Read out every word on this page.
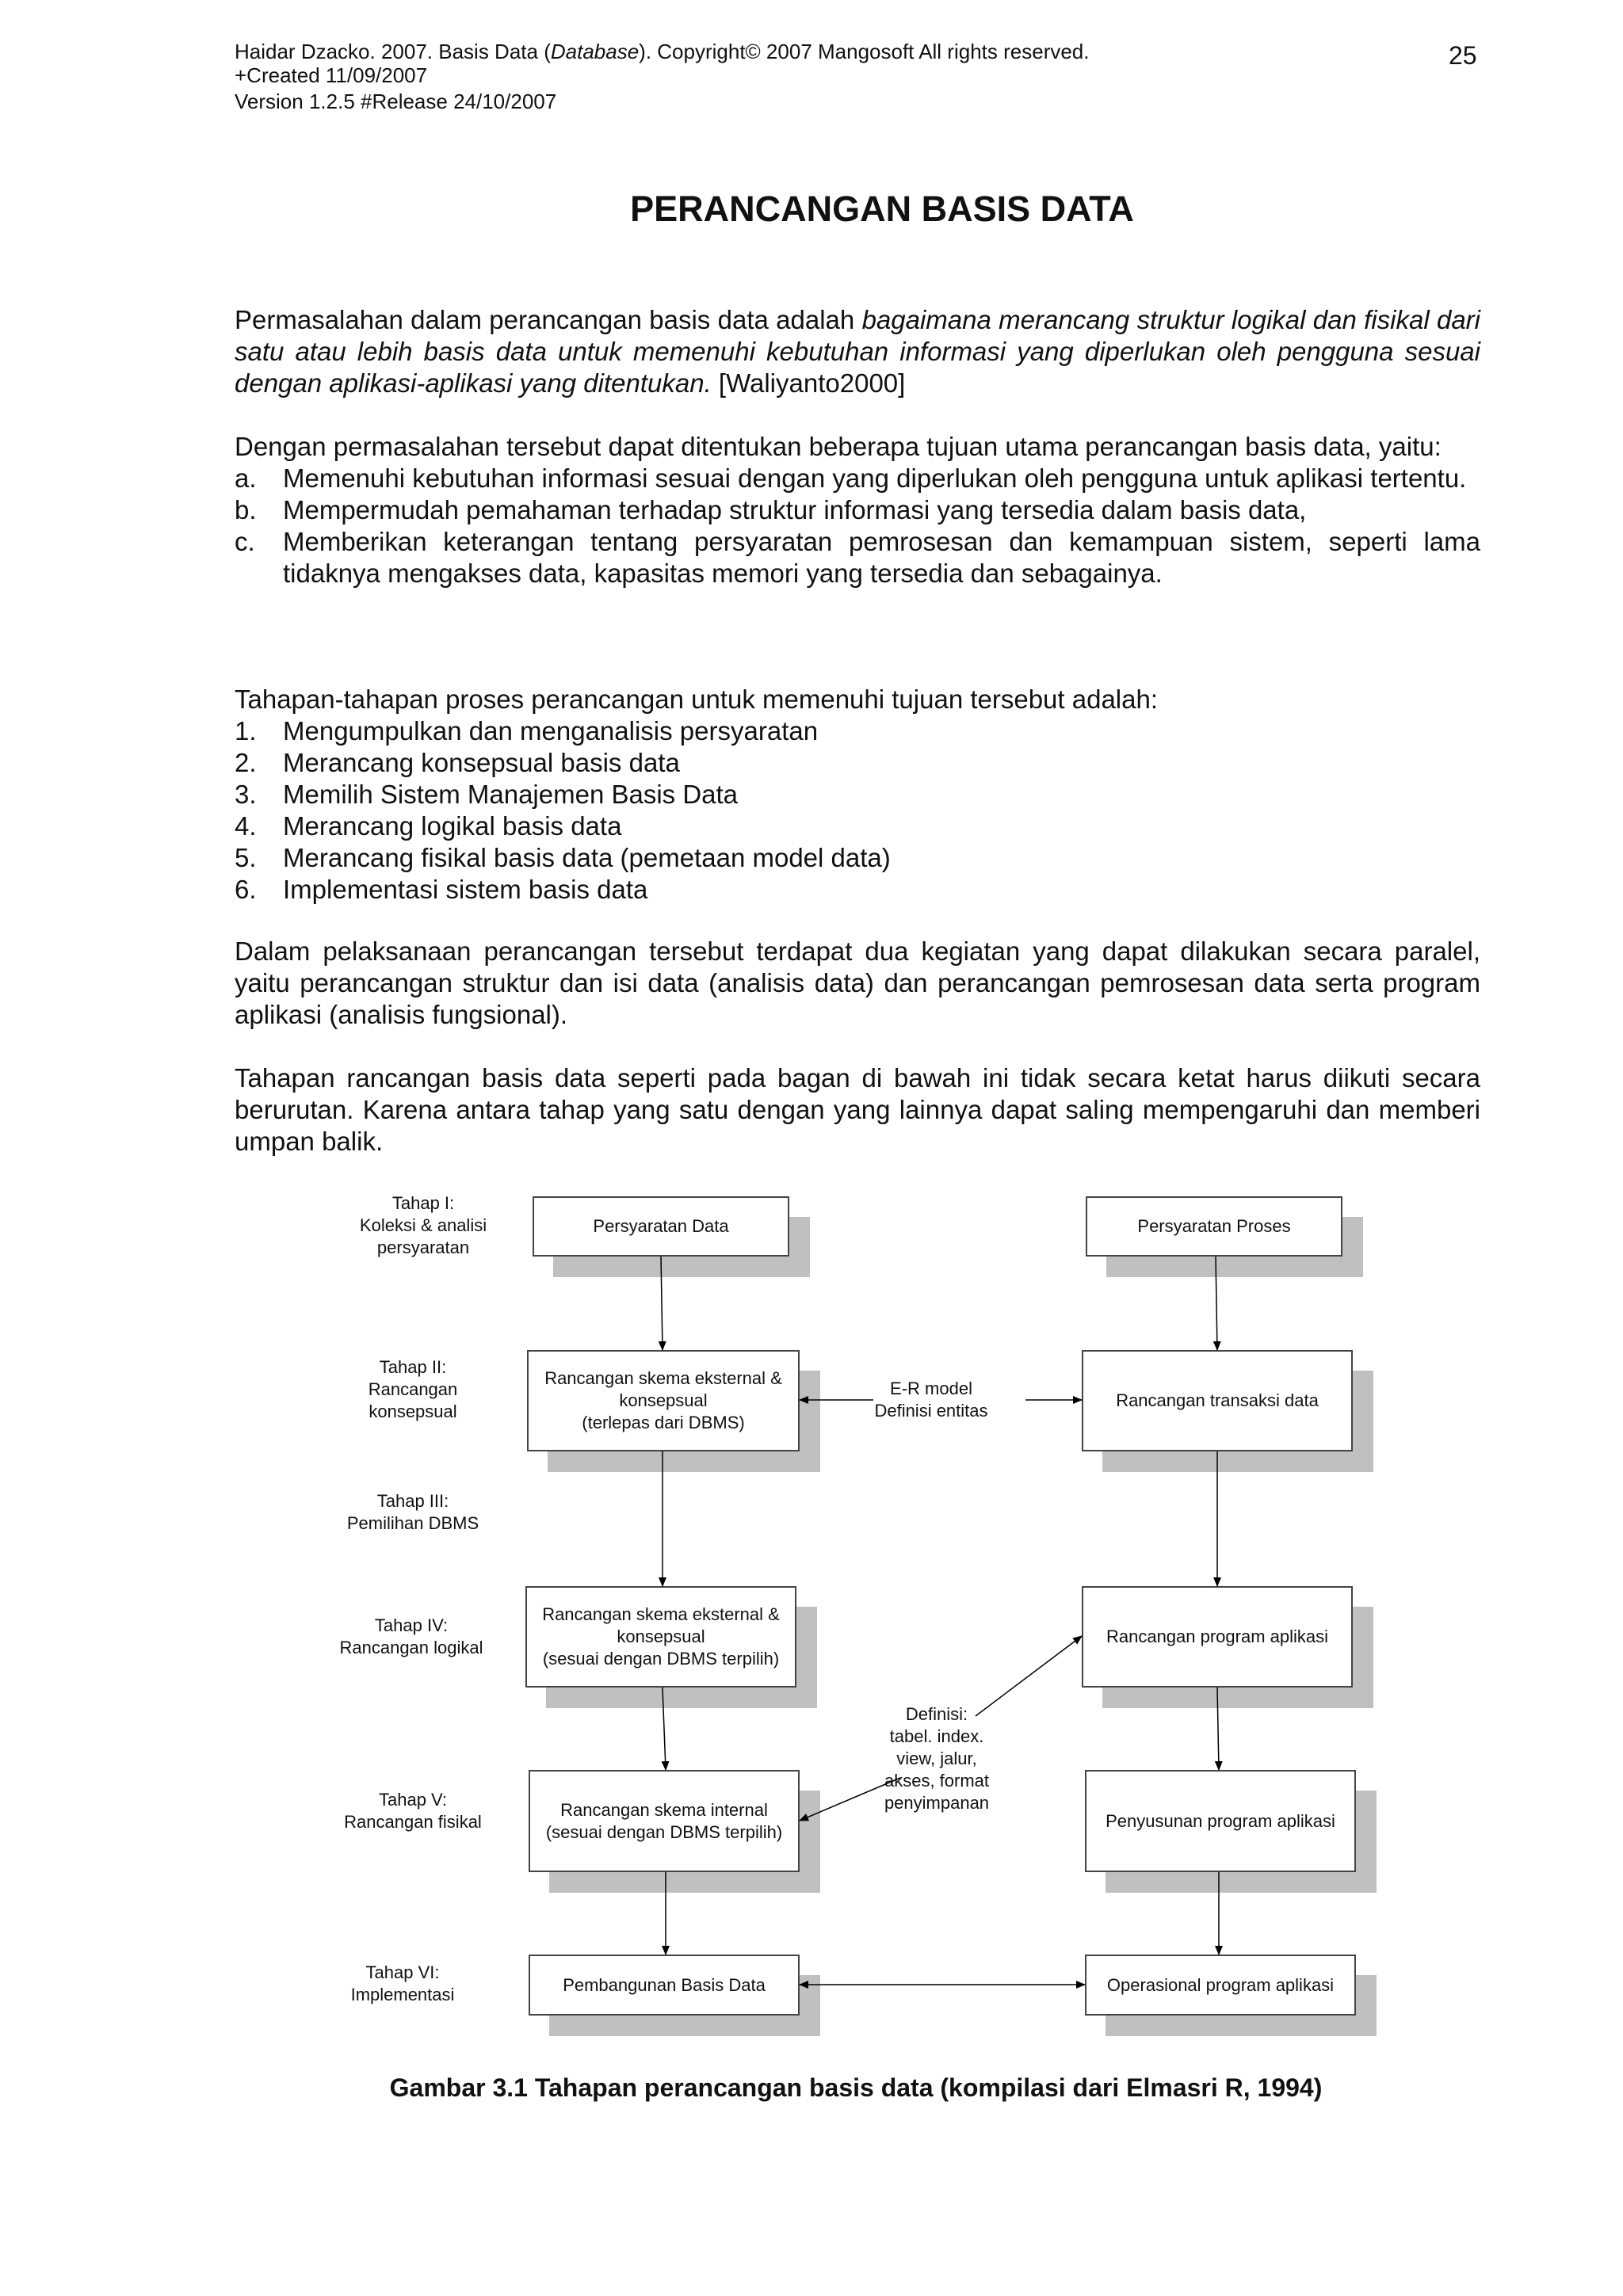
Haidar Dzacko. 2007. Basis Data (Database). Copyright© 2007 Mangosoft All rights reserved.
+Created 11/09/2007
Version 1.2.5 #Release 24/10/2007
25
PERANCANGAN BASIS DATA
Permasalahan dalam perancangan basis data adalah bagaimana merancang struktur logikal dan fisikal dari satu atau lebih basis data untuk memenuhi kebutuhan informasi yang diperlukan oleh pengguna sesuai dengan aplikasi-aplikasi yang ditentukan. [Waliyanto2000]
Dengan permasalahan tersebut dapat ditentukan beberapa tujuan utama perancangan basis data, yaitu:
a.	Memenuhi kebutuhan informasi sesuai dengan yang diperlukan oleh pengguna untuk aplikasi tertentu.
b.	Mempermudah pemahaman terhadap struktur informasi yang tersedia dalam basis data,
c.	Memberikan keterangan tentang persyaratan pemrosesan dan kemampuan sistem, seperti lama tidaknya mengakses data, kapasitas memori yang tersedia dan sebagainya.
Tahapan-tahapan proses perancangan untuk memenuhi tujuan tersebut adalah:
1.	Mengumpulkan dan menganalisis persyaratan
2.	Merancang konsepsual basis data
3.	Memilih Sistem Manajemen Basis Data
4.	Merancang logikal basis data
5.	Merancang fisikal basis data (pemetaan model data)
6.	Implementasi sistem basis data
Dalam pelaksanaan perancangan tersebut terdapat dua kegiatan yang dapat dilakukan secara paralel, yaitu perancangan struktur dan isi data (analisis data) dan perancangan pemrosesan data serta program aplikasi (analisis fungsional).
Tahapan rancangan basis data seperti pada bagan di bawah ini tidak secara ketat harus diikuti secara berurutan. Karena antara tahap yang satu dengan yang lainnya dapat saling mempengaruhi dan memberi umpan balik.
Tahap I:
Koleksi & analisi
persyaratan
Tahap II:
Rancangan
konsepsual
Tahap III:
Pemilihan DBMS
Tahap IV:
Rancangan logikal
Tahap V:
Rancangan fisikal
Tahap VI:
Implementasi
Persyaratan Data
Rancangan skema eksternal &
konsepsual
(terlepas dari DBMS)
Rancangan skema eksternal &
konsepsual
(sesuai dengan DBMS terpilih)
Rancangan skema internal
(sesuai dengan DBMS terpilih)
Pembangunan Basis Data
Persyaratan Proses
Rancangan transaksi data
Rancangan program aplikasi
Penyusunan program aplikasi
Operasional program aplikasi
E-R model
Definisi entitas
Definisi:
tabel. index.
view, jalur,
akses, format
penyimpanan
Gambar 3.1 Tahapan perancangan basis data (kompilasi dari Elmasri R, 1994)
